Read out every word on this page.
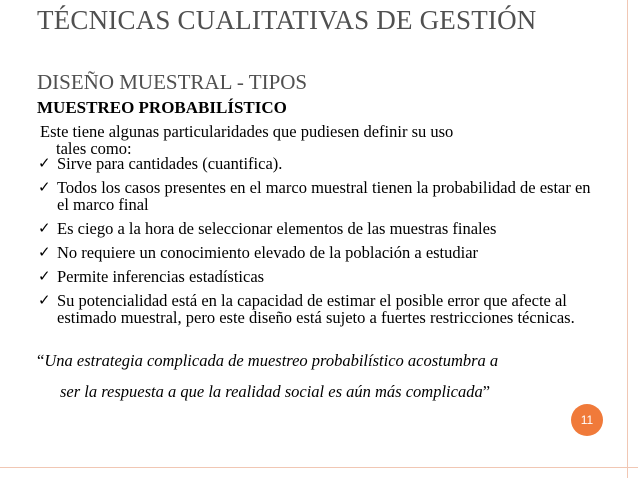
TÉCNICAS CUALITATIVAS DE GESTIÓN
DISEÑO MUESTRAL - TIPOS
MUESTREO PROBABILÍSTICO
Este tiene algunas particularidades que pudiesen definir su uso
tales como:
✓ Sirve para cantidades (cuantifica).
✓ Todos los casos presentes en el marco muestral tienen la probabilidad de estar en el marco final
✓ Es ciego a la hora de seleccionar elementos de las muestras finales
✓ No requiere un conocimiento elevado de la población a estudiar
✓ Permite inferencias estadísticas
✓ Su potencialidad está en la capacidad de estimar el posible error que afecte al estimado muestral, pero este diseño está sujeto a fuertes restricciones técnicas.
“Una estrategia complicada de muestreo probabilístico acostumbra a
ser la respuesta a que la realidad social es aún más complicada”
11
